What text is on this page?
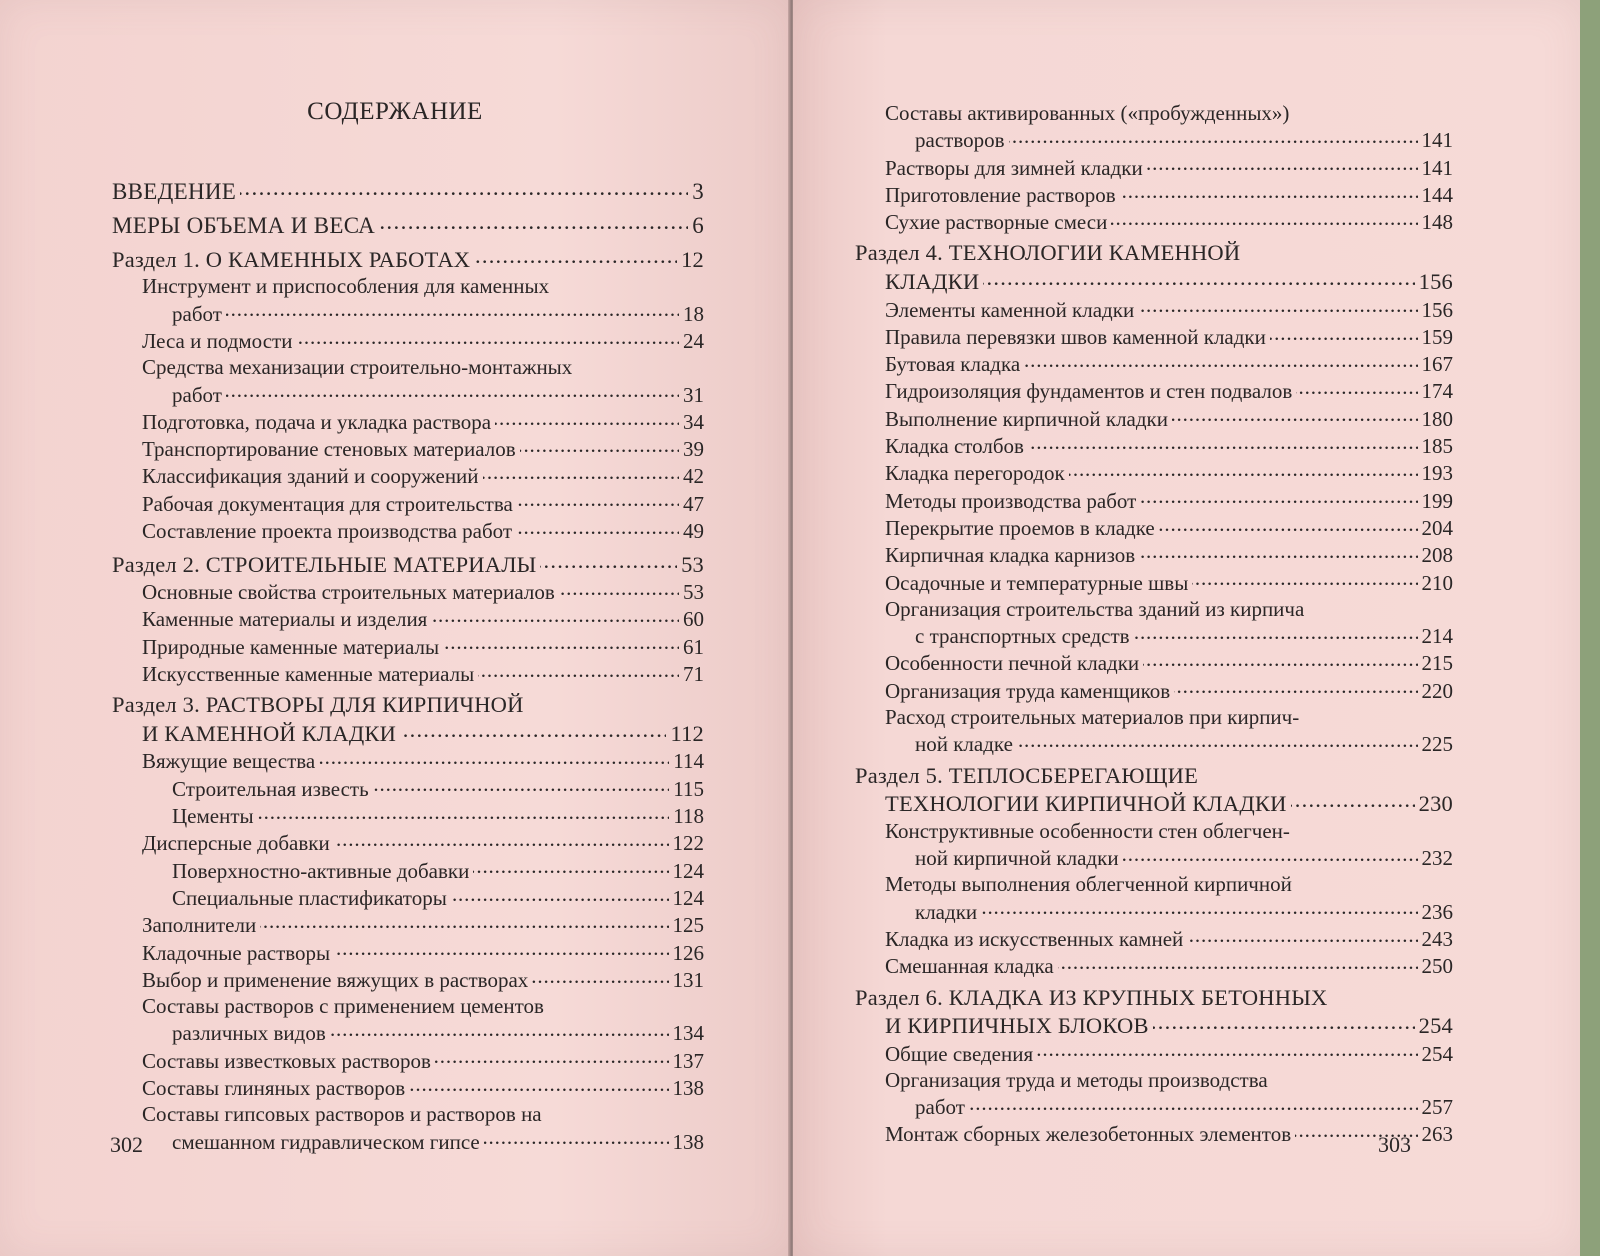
СОДЕРЖАНИЕ
ВВЕДЕНИЕ . . .	3
МЕРЫ ОБЪЕМА И ВЕСА . . .	6
Раздел 1. О КАМЕННЫХ РАБОТАХ . . .	12
Инструмент и приспособления для каменных
работ . . .	18
Леса и подмости . . .	24
Средства механизации строительно-монтажных
работ . . .	31
Подготовка, подача и укладка раствора . . .	34
Транспортирование стеновых материалов . . .	39
Классификация зданий и сооружений . . .	42
Рабочая документация для строительства . . .	47
Составление проекта производства работ . . .	49
Раздел 2. СТРОИТЕЛЬНЫЕ МАТЕРИАЛЫ . . .	53
Основные свойства строительных материалов . . .	53
Каменные материалы и изделия . . .	60
Природные каменные материалы . . .	61
Искусственные каменные материалы . . .	71
Раздел 3. РАСТВОРЫ ДЛЯ КИРПИЧНОЙ
И КАМЕННОЙ КЛАДКИ . . .	112
Вяжущие вещества . . .	114
Строительная известь . . .	115
Цементы . . .	118
Дисперсные добавки . . .	122
Поверхностно-активные добавки . . .	124
Специальные пластификаторы . . .	124
Заполнители . . .	125
Кладочные растворы . . .	126
Выбор и применение вяжущих в растворах . . .	131
Составы растворов с применением цементов
различных видов . . .	134
Составы известковых растворов . . .	137
Составы глиняных растворов . . .	138
Составы гипсовых растворов и растворов на
смешанном гидравлическом гипсе . . .	138
302
Составы активированных («пробужденных»)
растворов . . .	141
Растворы для зимней кладки . . .	141
Приготовление растворов . . .	144
Сухие растворные смеси . . .	148
Раздел 4. ТЕХНОЛОГИИ КАМЕННОЙ
КЛАДКИ . . .	156
Элементы каменной кладки . . .	156
Правила перевязки швов каменной кладки . . .	159
Бутовая кладка . . .	167
Гидроизоляция фундаментов и стен подвалов . . .	174
Выполнение кирпичной кладки . . .	180
Кладка столбов . . .	185
Кладка перегородок . . .	193
Методы производства работ . . .	199
Перекрытие проемов в кладке . . .	204
Кирпичная кладка карнизов . . .	208
Осадочные и температурные швы . . .	210
Организация строительства зданий из кирпича
с транспортных средств . . .	214
Особенности печной кладки . . .	215
Организация труда каменщиков . . .	220
Расход строительных материалов при кирпич-
ной кладке . . .	225
Раздел 5. ТЕПЛОСБЕРЕГАЮЩИЕ
ТЕХНОЛОГИИ КИРПИЧНОЙ КЛАДКИ . . .	230
Конструктивные особенности стен облегчен-
ной кирпичной кладки . . .	232
Методы выполнения облегченной кирпичной
кладки . . .	236
Кладка из искусственных камней . . .	243
Смешанная кладка . . .	250
Раздел 6. КЛАДКА ИЗ КРУПНЫХ БЕТОННЫХ
И КИРПИЧНЫХ БЛОКОВ . . .	254
Общие сведения . . .	254
Организация труда и методы производства
работ . . .	257
Монтаж сборных железобетонных элементов . . .	263
303
